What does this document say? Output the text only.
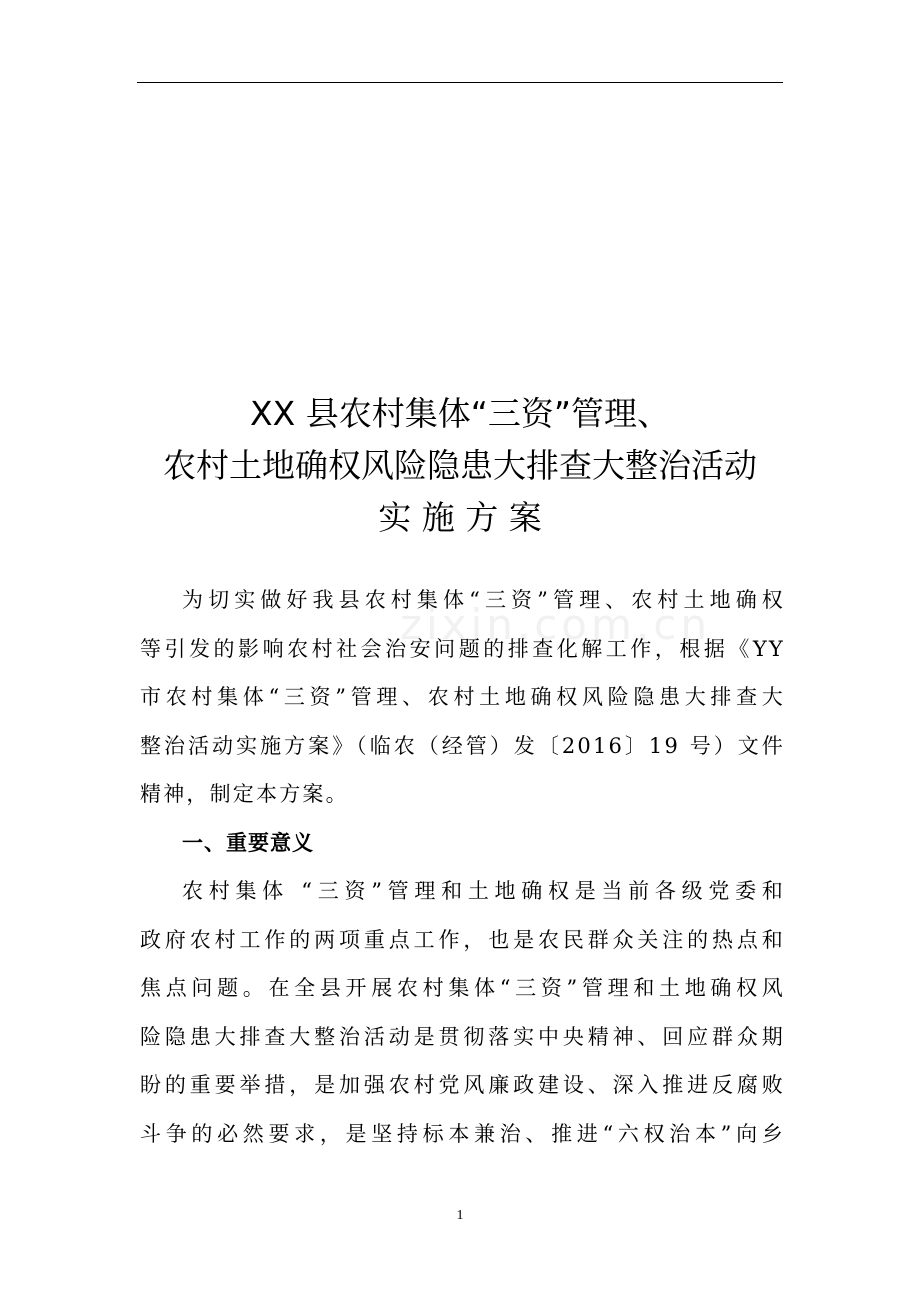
zixin.com.cn
XX 县农村集体“三资”管理、
农村土地确权风险隐患大排查大整治活动
实 施 方 案
为切实做好我县农村集体“三资”管理、农村土地确权
等引发的影响农村社会治安问题的排查化解工作，根据《YY
市农村集体“三资”管理、农村土地确权风险隐患大排查大
整治活动实施方案》（临农（经管）发〔2016〕19 号）文件
精神，制定本方案。
一、重要意义
农村集体 “三资”管理和土地确权是当前各级党委和
政府农村工作的两项重点工作，也是农民群众关注的热点和
焦点问题。在全县开展农村集体“三资”管理和土地确权风
险隐患大排查大整治活动是贯彻落实中央精神、回应群众期
盼的重要举措，是加强农村党风廉政建设、深入推进反腐败
斗争的必然要求，是坚持标本兼治、推进“六权治本”向乡
1
